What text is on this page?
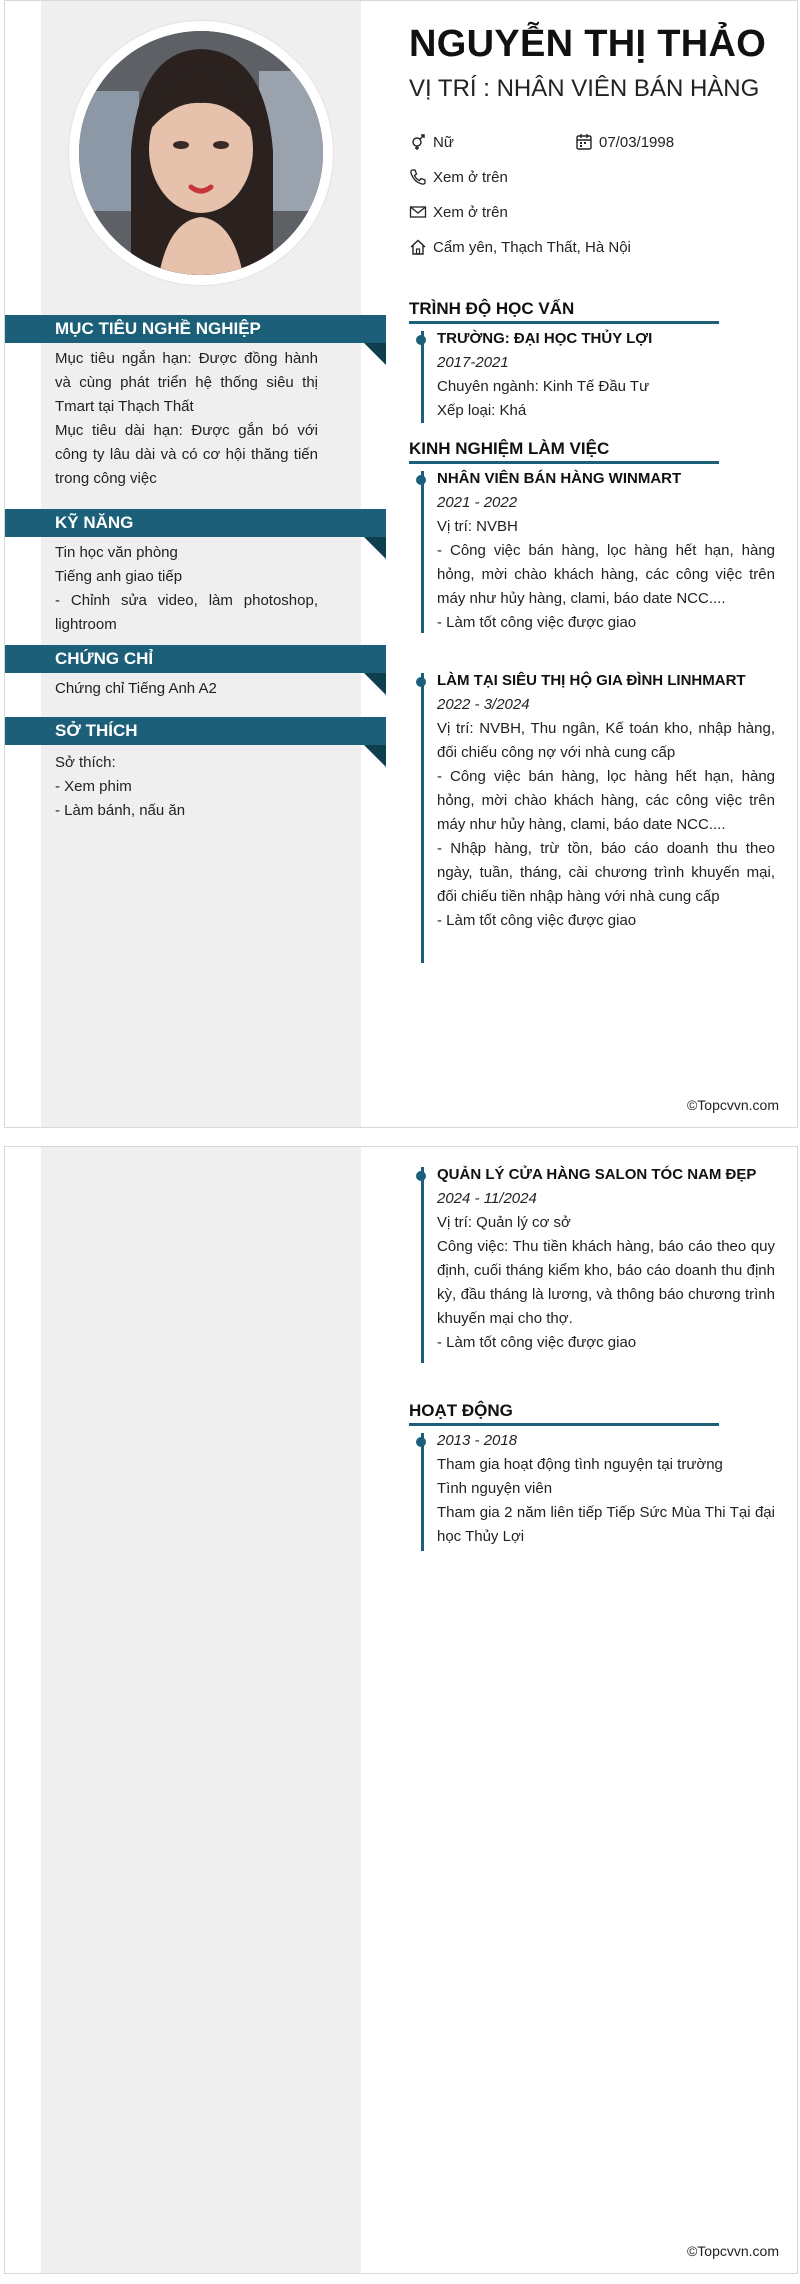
NGUYỄN THỊ THẢO
VỊ TRÍ : NHÂN VIÊN BÁN HÀNG
Nữ	07/03/1998
Xem ở trên
Xem ở trên
Cẩm yên, Thạch Thất, Hà Nội
MỤC TIÊU NGHỀ NGHIỆP
Mục tiêu ngắn hạn: Được đồng hành và cùng phát triển hệ thống siêu thị Tmart tại Thạch Thất
Mục tiêu dài hạn: Được gắn bó với công ty lâu dài và có cơ hội thăng tiến trong công việc
KỸ NĂNG
Tin học văn phòng
Tiếng anh giao tiếp
- Chỉnh sửa video, làm photoshop, lightroom
CHỨNG CHỈ
Chứng chỉ Tiếng Anh A2
SỞ THÍCH
Sở thích:
- Xem phim
- Làm bánh, nấu ăn
TRÌNH ĐỘ HỌC VẤN
TRƯỜNG: ĐẠI HỌC THỦY LỢI
2017-2021
Chuyên ngành: Kinh Tế Đầu Tư
Xếp loại: Khá
KINH NGHIỆM LÀM VIỆC
NHÂN VIÊN BÁN HÀNG WINMART
2021 - 2022
Vị trí: NVBH
- Công việc bán hàng, lọc hàng hết hạn, hàng hỏng, mời chào khách hàng, các công việc trên máy như hủy hàng, clami, báo date NCC....
- Làm tốt công việc được giao
LÀM TẠI SIÊU THỊ HỘ GIA ĐÌNH LINHMART
2022 - 3/2024
Vị trí: NVBH, Thu ngân, Kế toán kho, nhập hàng, đối chiếu công nợ với nhà cung cấp
- Công việc bán hàng, lọc hàng hết hạn, hàng hỏng, mời chào khách hàng, các công việc trên máy như hủy hàng, clami, báo date NCC....
- Nhập hàng, trừ tồn, báo cáo doanh thu theo ngày, tuần, tháng, cài chương trình khuyến mại, đối chiếu tiền nhập hàng với nhà cung cấp
- Làm tốt công việc được giao
©Topcvvn.com
QUẢN LÝ CỬA HÀNG SALON TÓC NAM ĐẸP
2024 - 11/2024
Vị trí: Quản lý cơ sở
Công việc: Thu tiền khách hàng, báo cáo theo quy định, cuối tháng kiểm kho, báo cáo doanh thu định kỳ, đầu tháng là lương, và thông báo chương trình khuyến mại cho thợ.
- Làm tốt công việc được giao
HOẠT ĐỘNG
2013 - 2018
Tham gia hoạt động tình nguyện tại trường
Tình nguyện viên
Tham gia 2 năm liên tiếp Tiếp Sức Mùa Thi Tại đại học Thủy Lợi
©Topcvvn.com
